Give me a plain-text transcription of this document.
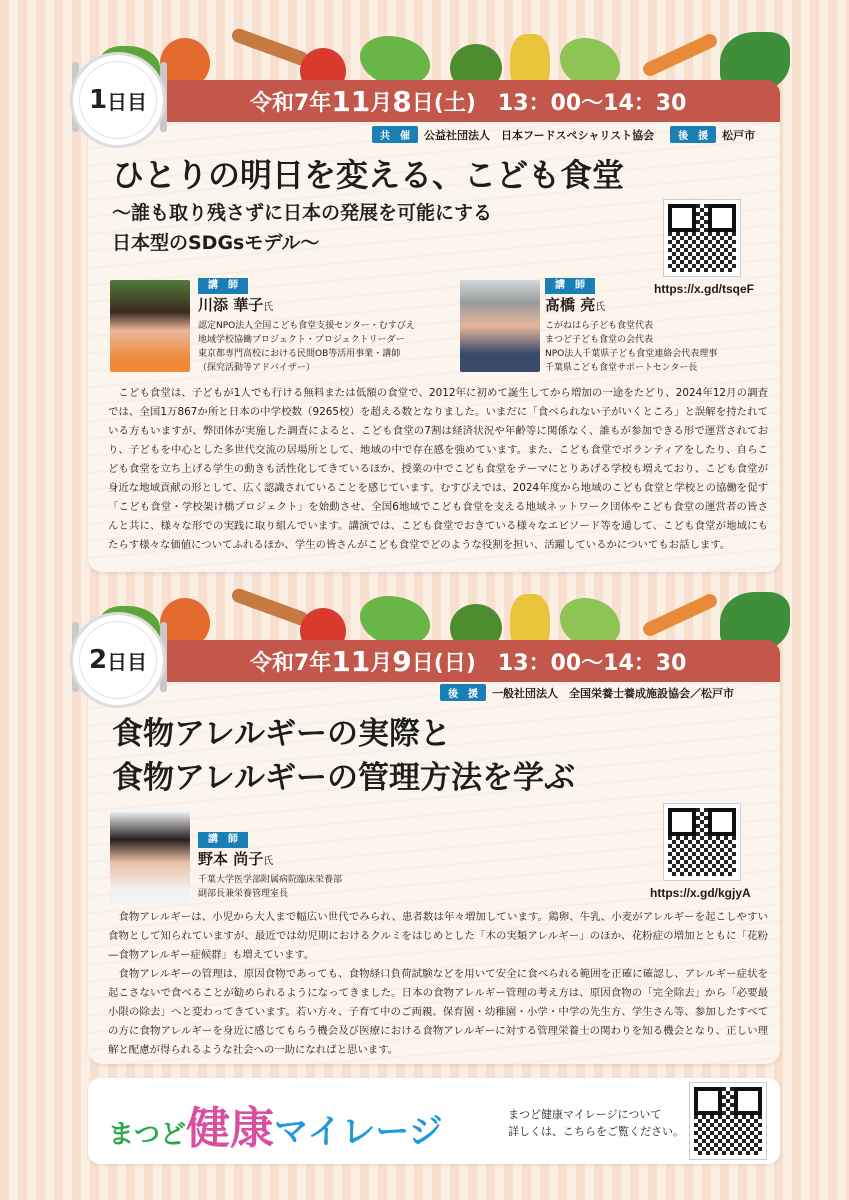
令和7年 11 月 8 日 (土) 13：00〜14：30
1 日目
共　催	公益社団法人　日本フードスペシャリスト協会	後　援	松戸市
ひとりの明日を変える、こども食堂
〜誰も取り残さずに日本の発展を可能にする
日本型のSDGsモデル〜
https://x.gd/tsqeF
講　師
川添 華子氏
認定NPO法人全国こども食堂支援センター・むすびえ
地域学校協働プロジェクト・プロジェクトリーダー
東京都専門高校における民間OB等活用事業・講師
（探究活動等アドバイザー）
講　師
髙橋 亮氏
こがねはら子ども食堂代表
まつど子ども食堂の会代表
NPO法人千葉県子ども食堂連絡会代表理事
千葉県こども食堂サポートセンター長

こども食堂は、子どもが1人でも行ける無料または低額の食堂で、2012年に初めて誕生してから増加の一途をたどり、2024年12月の調査では、全国1万867か所と日本の中学校数（9265校）を超える数となりました。いまだに「食べられない子がいくところ」と誤解を持たれている方もいますが、弊団体が実施した調査によると、こども食堂の7割は経済状況や年齢等に関係なく、誰もが参加できる形で運営されており、子どもを中心とした多世代交流の居場所として、地域の中で存在感を強めています。また、こども食堂でボランティアをしたり、自らこども食堂を立ち上げる学生の動きも活性化してきているほか、授業の中でこども食堂をテーマにとりあげる学校も増えており、こども食堂が身近な地域貢献の形として、広く認識されていることを感じています。むすびえでは、2024年度から地域のこども食堂と学校との協働を促す「こども食堂・学校架け橋プロジェクト」を始動させ、全国6地域でこども食堂を支える地域ネットワーク団体やこども食堂の運営者の皆さんと共に、様々な形での実践に取り組んでいます。講演では、こども食堂でおきている様々なエピソード等を通して、こども食堂が地域にもたらす様々な価値についてふれるほか、学生の皆さんがこども食堂でどのような役割を担い、活躍しているかについてもお話します。

令和7年 11 月 9 日 (日) 13：00〜14：30
2 日目
後　援	一般社団法人　全国栄養士養成施設協会／松戸市
食物アレルギーの実際と
食物アレルギーの管理方法を学ぶ
https://x.gd/kgjyA
講　師
野本 尚子氏
千葉大学医学部附属病院臨床栄養部
副部長兼栄養管理室長

食物アレルギーは、小児から大人まで幅広い世代でみられ、患者数は年々増加しています。鶏卵、牛乳、小麦がアレルギーを起こしやすい食物として知られていますが、最近では幼児期におけるクルミをはじめとした「木の実類アレルギー」のほか、花粉症の増加とともに「花粉—食物アレルギー症候群」も増えています。

食物アレルギーの管理は、原因食物であっても、食物経口負荷試験などを用いて安全に食べられる範囲を正確に確認し、アレルギー症状を起こさないで食べることが勧められるようになってきました。日本の食物アレルギー管理の考え方は、原因食物の「完全除去」から「必要最小限の除去」へと変わってきています。若い方々、子育て中のご両親、保育園・幼稚園・小学・中学の先生方、学生さん等、参加したすべての方に食物アレルギーを身近に感じてもらう機会及び医療における食物アレルギーに対する管理栄養士の関わりを知る機会となり、正しい理解と配慮が得られるような社会への一助になればと思います。

まつど健康マイレージ	まつど健康マイレージについて
詳しくは、こちらをご覧ください。
